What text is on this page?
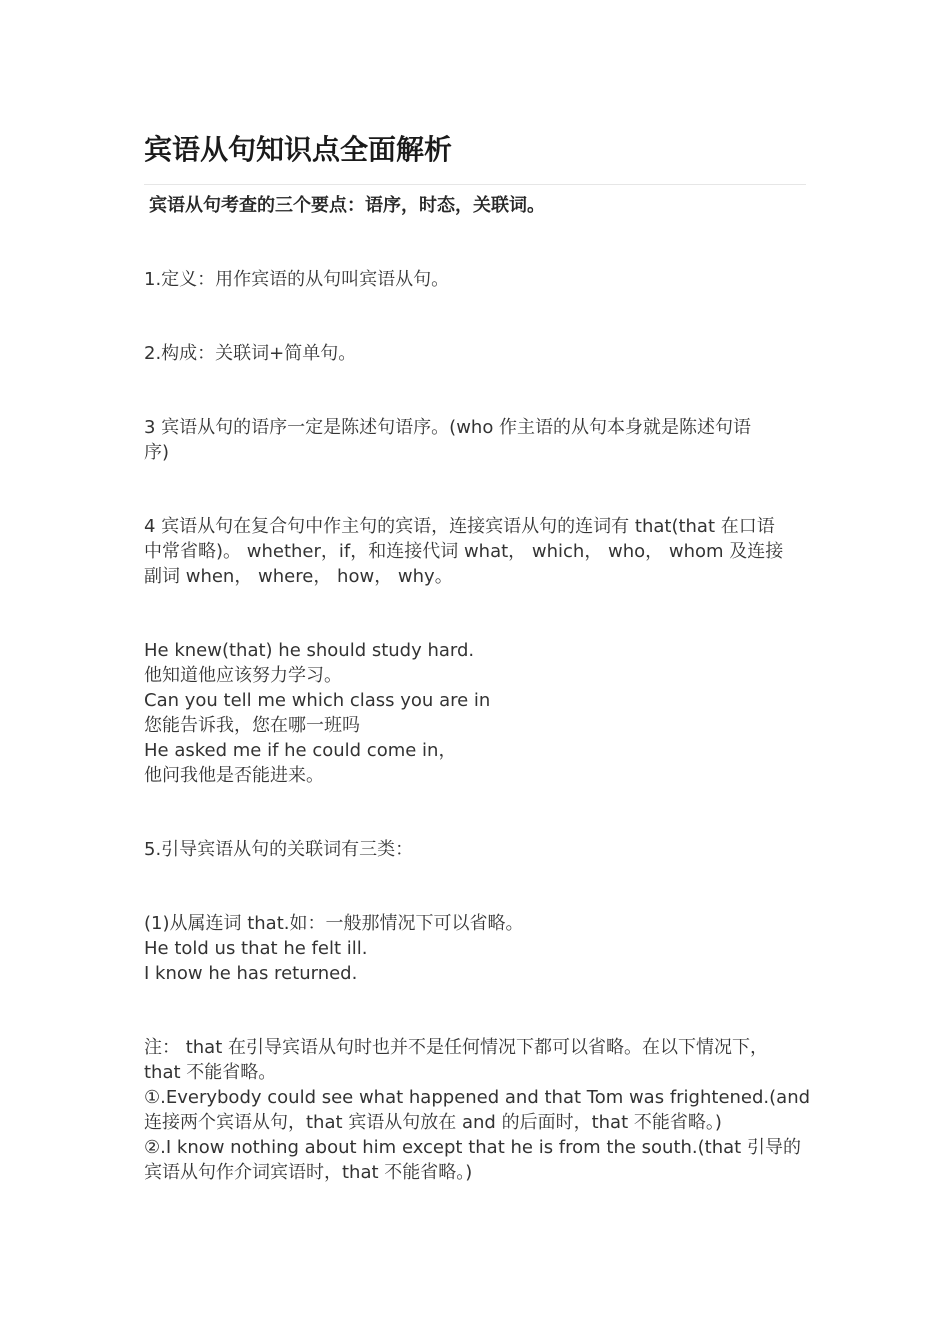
宾语从句知识点全面解析
宾语从句考查的三个要点：语序，时态，关联词。

1.定义：用作宾语的从句叫宾语从句。

2.构成：关联词+简单句。

3 宾语从句的语序一定是陈述句语序。(who 作主语的从句本身就是陈述句语
序)

4 宾语从句在复合句中作主句的宾语，连接宾语从句的连词有 that(that 在口语
中常省略)。 whether，if，和连接代词 what， which， who， whom 及连接
副词 when， where， how， why。

He knew(that) he should study hard.
他知道他应该努力学习。
Can you tell me which class you are in
您能告诉我，您在哪一班吗
He asked me if he could come in，
他问我他是否能进来。

5.引导宾语从句的关联词有三类：

(1)从属连词 that.如：一般那情况下可以省略。
He told us that he felt ill.
I know he has returned.

注： that 在引导宾语从句时也并不是任何情况下都可以省略。在以下情况下，
that 不能省略。
①.Everybody could see what happened and that Tom was frightened.(and
连接两个宾语从句，that 宾语从句放在 and 的后面时，that 不能省略。)
②.I know nothing about him except that he is from the south.(that 引导的
宾语从句作介词宾语时，that 不能省略。)
